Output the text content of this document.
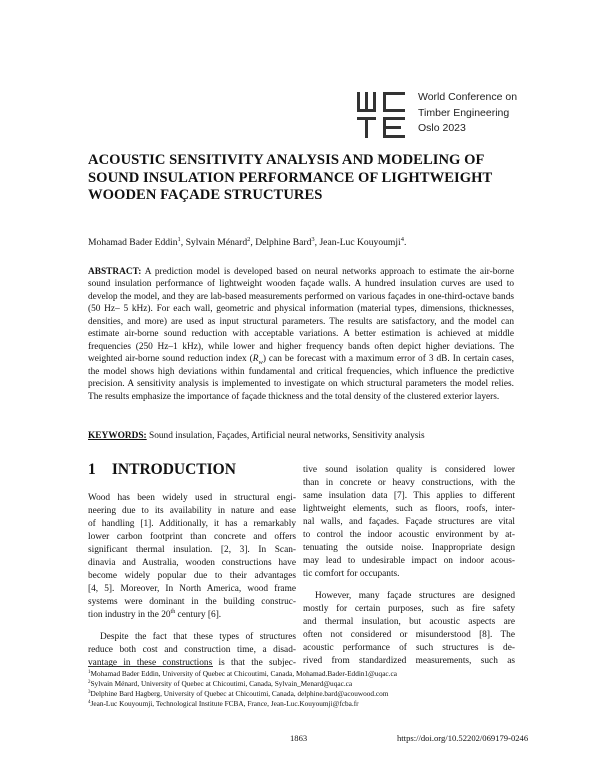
World Conference on
Timber Engineering
Oslo 2023
ACOUSTIC SENSITIVITY ANALYSIS AND MODELING OF
SOUND INSULATION PERFORMANCE OF LIGHTWEIGHT
WOODEN FAÇADE STRUCTURES
Mohamad Bader Eddin$^1$, Sylvain Ménard$^2$, Delphine Bard$^3$, Jean-Luc Kouyoumji$^4$.
ABSTRACT: A prediction model is developed based on neural networks approach to estimate the air-borne sound insulation performance of lightweight wooden façade walls. A hundred insulation curves are used to develop the model, and they are lab-based measurements performed on various façades in one-third-octave bands (50 Hz– 5 kHz). For each wall, geometric and physical information (material types, dimensions, thicknesses, densities, and more) are used as input structural parameters. The results are satisfactory, and the model can estimate air-borne sound reduction with acceptable variations. A better estimation is achieved at middle frequencies (250 Hz–1 kHz), while lower and higher frequency bands often depict higher deviations. The weighted air-borne sound reduction index $(R_w)$ can be forecast with a maximum error of 3 dB. In certain cases, the model shows high deviations within fundamental and critical frequencies, which influence the predictive precision. A sensitivity analysis is implemented to investigate on which structural parameters the model relies. The results emphasize the importance of façade thickness and the total density of the clustered exterior layers.
KEYWORDS: Sound insulation, Façades, Artificial neural networks, Sensitivity analysis
1 INTRODUCTION
Wood has been widely used in structural engi-
neering due to its availability in nature and ease
of handling [1]. Additionally, it has a remarkably
lower carbon footprint than concrete and offers
significant thermal insulation. [2, 3]. In Scan-
dinavia and Australia, wooden constructions have
become widely popular due to their advantages
[4, 5]. Moreover, In North America, wood frame
systems were dominant in the building construc-
tion industry in the 20th century [6].
Despite the fact that these types of structures
reduce both cost and construction time, a disad-
vantage in these constructions is that the subjec-
tive sound isolation quality is considered lower
than in concrete or heavy constructions, with the
same insulation data [7]. This applies to different
lightweight elements, such as floors, roofs, inter-
nal walls, and façades. Façade structures are vital
to control the indoor acoustic environment by at-
tenuating the outside noise. Inappropriate design
may lead to undesirable impact on indoor acous-
tic comfort for occupants.
However, many façade structures are designed
mostly for certain purposes, such as fire safety
and thermal insulation, but acoustic aspects are
often not considered or misunderstood [8]. The
acoustic performance of such structures is de-
rived from standardized measurements, such as
$^1$Mohamad Bader Eddin, University of Quebec at Chicoutimi, Canada, Mohamad.Bader-Eddin1@uqac.ca
$^2$Sylvain Ménard, University of Quebec at Chicoutimi, Canada, Sylvain_Menard@uqac.ca
$^3$Delphine Bard Hagberg, University of Quebec at Chicoutimi, Canada, delphine.bard@acouwood.com
$^4$Jean-Luc Kouyoumji, Technological Institute FCBA, France, Jean-Luc.Kouyoumji@fcba.fr
1863	https://doi.org/10.52202/069179-0246
